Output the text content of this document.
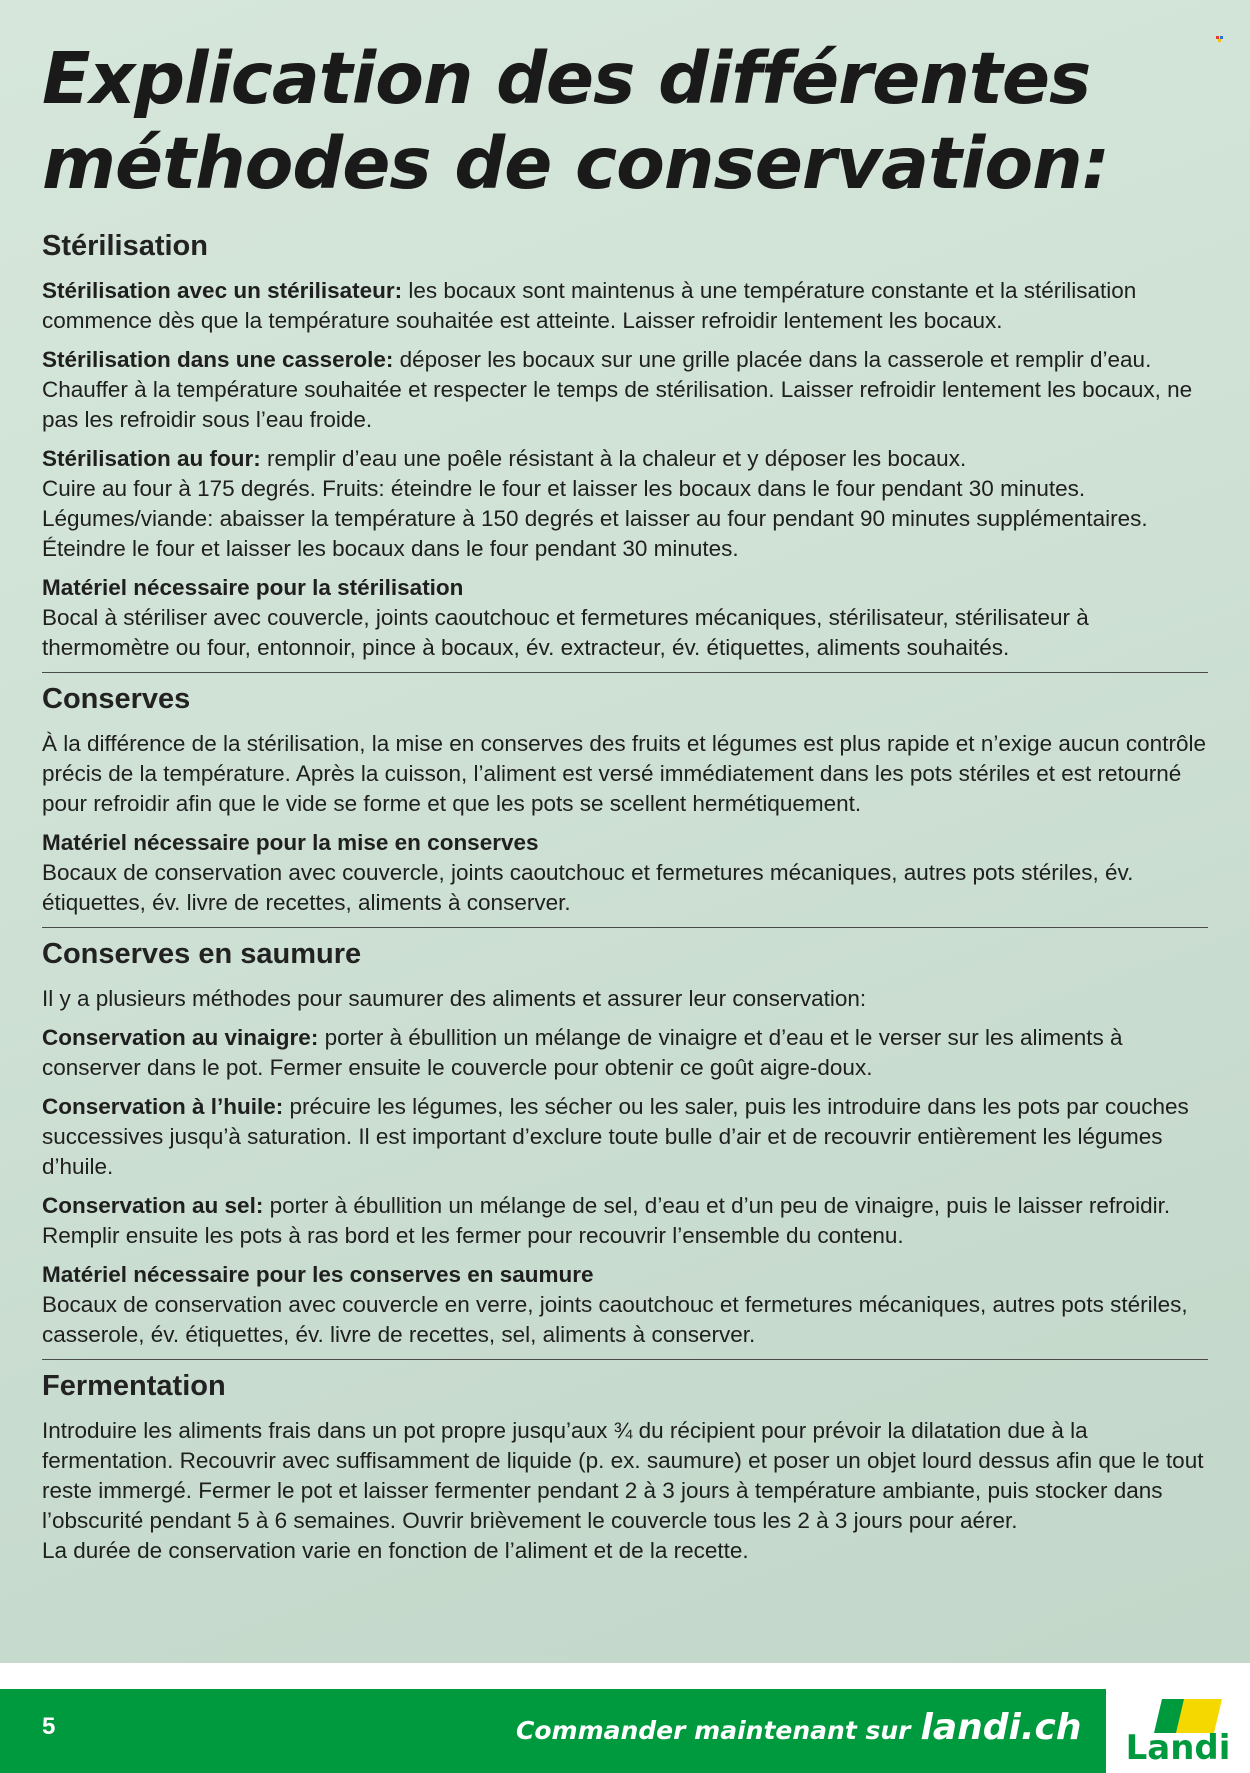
Explication des différentes
méthodes de conservation:
Stérilisation

Stérilisation avec un stérilisateur: les bocaux sont maintenus à une température constante et la stérilisation commence dès que la température souhaitée est atteinte. Laisser refroidir lentement les bocaux.

Stérilisation dans une casserole: déposer les bocaux sur une grille placée dans la casserole et remplir d’eau. Chauffer à la température souhaitée et respecter le temps de stérilisation. Laisser refroidir lentement les bocaux, ne pas les refroidir sous l’eau froide.

Stérilisation au four: remplir d’eau une poêle résistant à la chaleur et y déposer les bocaux.
Cuire au four à 175 degrés. Fruits: éteindre le four et laisser les bocaux dans le four pendant 30 minutes.
Légumes/viande: abaisser la température à 150 degrés et laisser au four pendant 90 minutes supplémentaires.
Éteindre le four et laisser les bocaux dans le four pendant 30 minutes.

Matériel nécessaire pour la stérilisation
Bocal à stériliser avec couvercle, joints caoutchouc et fermetures mécaniques, stérilisateur, stérilisateur à thermomètre ou four, entonnoir, pince à bocaux, év. extracteur, év. étiquettes, aliments souhaités.

Conserves

À la différence de la stérilisation, la mise en conserves des fruits et légumes est plus rapide et n’exige aucun contrôle précis de la température. Après la cuisson, l’aliment est versé immédiatement dans les pots stériles et est retourné pour refroidir afin que le vide se forme et que les pots se scellent hermétiquement.

Matériel nécessaire pour la mise en conserves
Bocaux de conservation avec couvercle, joints caoutchouc et fermetures mécaniques, autres pots stériles, év. étiquettes, év. livre de recettes, aliments à conserver.

Conserves en saumure

Il y a plusieurs méthodes pour saumurer des aliments et assurer leur conservation:

Conservation au vinaigre: porter à ébullition un mélange de vinaigre et d’eau et le verser sur les aliments à conserver dans le pot. Fermer ensuite le couvercle pour obtenir ce goût aigre-doux.

Conservation à l’huile: précuire les légumes, les sécher ou les saler, puis les introduire dans les pots par couches successives jusqu’à saturation. Il est important d’exclure toute bulle d’air et de recouvrir entièrement les légumes d’huile.

Conservation au sel: porter à ébullition un mélange de sel, d’eau et d’un peu de vinaigre, puis le laisser refroidir. Remplir ensuite les pots à ras bord et les fermer pour recouvrir l’ensemble du contenu.

Matériel nécessaire pour les conserves en saumure
Bocaux de conservation avec couvercle en verre, joints caoutchouc et fermetures mécaniques, autres pots stériles, casserole, év. étiquettes, év. livre de recettes, sel, aliments à conserver.

Fermentation

Introduire les aliments frais dans un pot propre jusqu’aux ¾ du récipient pour prévoir la dilatation due à la fermentation. Recouvrir avec suffisamment de liquide (p. ex. saumure) et poser un objet lourd dessus afin que le tout reste immergé. Fermer le pot et laisser fermenter pendant 2 à 3 jours à température ambiante, puis stocker dans l’obscurité pendant 5 à 6 semaines. Ouvrir brièvement le couvercle tous les 2 à 3 jours pour aérer.
La durée de conservation varie en fonction de l’aliment et de la recette.

5	Commander maintenant sur landi.ch Landi
